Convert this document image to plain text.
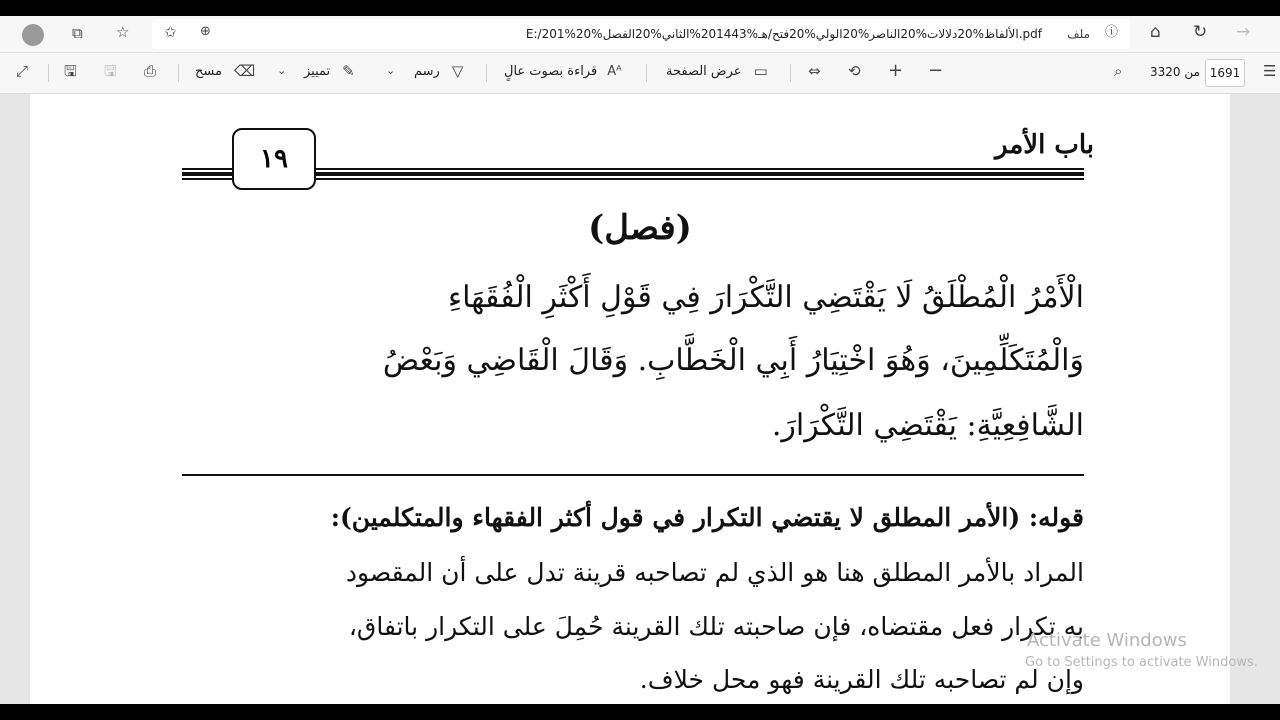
⧉ ☆ ✩ ⊕	E:/201%الألفاظ%20دلالات%20الناصر%20الولي%20فتح/هـ%201443%الثاني%20الفصل%20.pdf ملف ⓘ ⌂ ↻ →
⤢ 🖫 🖫 ⎙	مسح ⌫ ⌄ تمييز ✎	⌄ رسم ▽	قراءة بصوت عالٍ Aᴬ	عرض الصفحة ▭	⇔ ⟲ + −	⌕ من 3320 1691	☰
باب الأمر
١٩
(فصل)
الْأَمْرُ الْمُطْلَقُ لَا يَقْتَضِي التَّكْرَارَ فِي قَوْلِ أَكْثَرِ الْفُقَهَاءِ
وَالْمُتَكَلِّمِينَ، وَهُوَ اخْتِيَارُ أَبِي الْخَطَّابِ. وَقَالَ الْقَاضِي وَبَعْضُ
الشَّافِعِيَّةِ: يَقْتَضِي التَّكْرَارَ.
قوله: (الأمر المطلق لا يقتضي التكرار في قول أكثر الفقهاء والمتكلمين):
المراد بالأمر المطلق هنا هو الذي لم تصاحبه قرينة تدل على أن المقصود
به تكرار فعل مقتضاه، فإن صاحبته تلك القرينة حُمِلَ على التكرار باتفاق،
وإن لم تصاحبه تلك القرينة فهو محل خلاف.
Activate Windows
Go to Settings to activate Windows.
